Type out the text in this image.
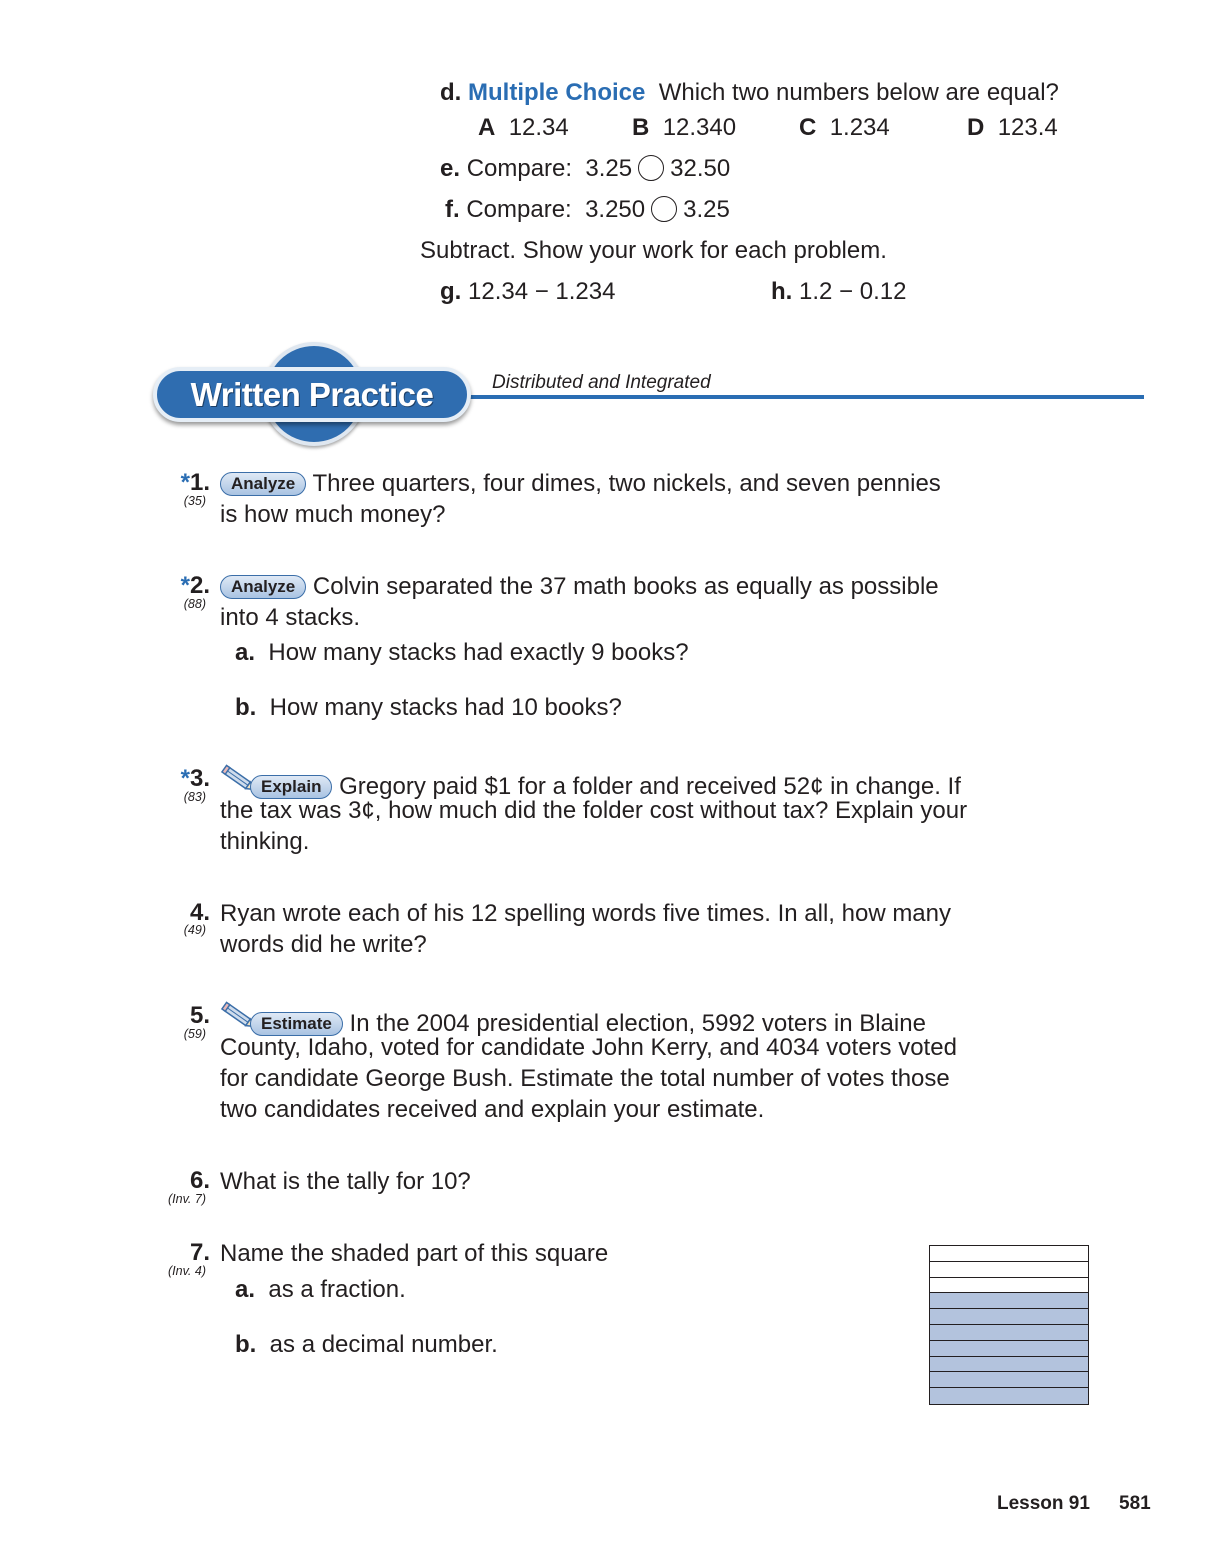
d. Multiple Choice Which two numbers below are equal?
A 12.34	B 12.340	C 1.234	D 123.4
e. Compare: 3.25 32.50
f. Compare: 3.250 3.25
Subtract. Show your work for each problem.
g. 12.34 − 1.234	h. 1.2 − 0.12
Distributed and Integrated
Written Practice
*1.
(35)
Analyze Three quarters, four dimes, two nickels, and seven pennies
is how much money?
*2.
(88)
Analyze Colvin separated the 37 math books as equally as possible
into 4 stacks.
a. How many stacks had exactly 9 books?
b. How many stacks had 10 books?
*3.
(83)
Explain Gregory paid $1 for a folder and received 52¢ in change. If
the tax was 3¢, how much did the folder cost without tax? Explain your
thinking.
4.
(49)
Ryan wrote each of his 12 spelling words five times. In all, how many
words did he write?
5.
(59)
Estimate In the 2004 presidential election, 5992 voters in Blaine
County, Idaho, voted for candidate John Kerry, and 4034 voters voted
for candidate George Bush. Estimate the total number of votes those
two candidates received and explain your estimate.
6.
(Inv. 7)
What is the tally for 10?
7.
(Inv. 4)
Name the shaded part of this square
a. as a fraction.
b. as a decimal number.
Lesson 91 581
